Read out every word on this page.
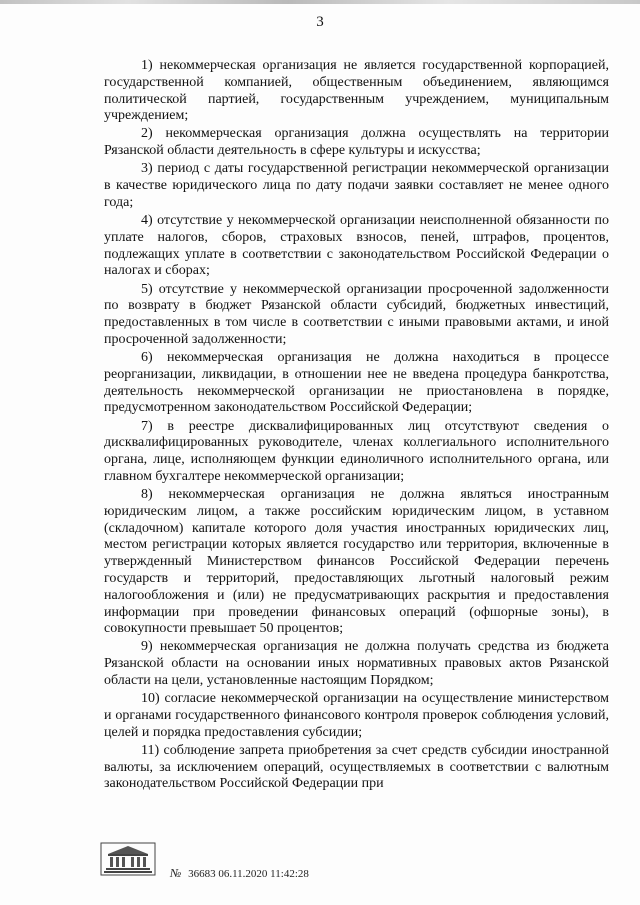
3

1) некоммерческая организация не является государственной корпорацией, государственной компанией, общественным объединением, являющимся политической партией, государственным учреждением, муниципальным учреждением;

2) некоммерческая организация должна осуществлять на территории Рязанской области деятельность в сфере культуры и искусства;

3) период с даты государственной регистрации некоммерческой организации в качестве юридического лица по дату подачи заявки составляет не менее одного года;

4) отсутствие у некоммерческой организации неисполненной обязанности по уплате налогов, сборов, страховых взносов, пеней, штрафов, процентов, подлежащих уплате в соответствии с законодательством Российской Федерации о налогах и сборах;

5) отсутствие у некоммерческой организации просроченной задолженности по возврату в бюджет Рязанской области субсидий, бюджетных инвестиций, предоставленных в том числе в соответствии с иными правовыми актами, и иной просроченной задолженности;

6) некоммерческая организация не должна находиться в процессе реорганизации, ликвидации, в отношении нее не введена процедура банкротства, деятельность некоммерческой организации не приостановлена в порядке, предусмотренном законодательством Российской Федерации;

7) в реестре дисквалифицированных лиц отсутствуют сведения о дисквалифицированных руководителе, членах коллегиального исполнительного органа, лице, исполняющем функции единоличного исполнительного органа, или главном бухгалтере некоммерческой организации;

8) некоммерческая организация не должна являться иностранным юридическим лицом, а также российским юридическим лицом, в уставном (складочном) капитале которого доля участия иностранных юридических лиц, местом регистрации которых является государство или территория, включенные в утвержденный Министерством финансов Российской Федерации перечень государств и территорий, предоставляющих льготный налоговый режим налогообложения и (или) не предусматривающих раскрытия и предоставления информации при проведении финансовых операций (офшорные зоны), в совокупности превышает 50 процентов;

9) некоммерческая организация не должна получать средства из бюджета Рязанской области на основании иных нормативных правовых актов Рязанской области на цели, установленные настоящим Порядком;

10) согласие некоммерческой организации на осуществление министерством и органами государственного финансового контроля проверок соблюдения условий, целей и порядка предоставления субсидии;

11) соблюдение запрета приобретения за счет средств субсидии иностранной валюты, за исключением операций, осуществляемых в соответствии с валютным законодательством Российской Федерации при

№ 36683 06.11.2020 11:42:28
